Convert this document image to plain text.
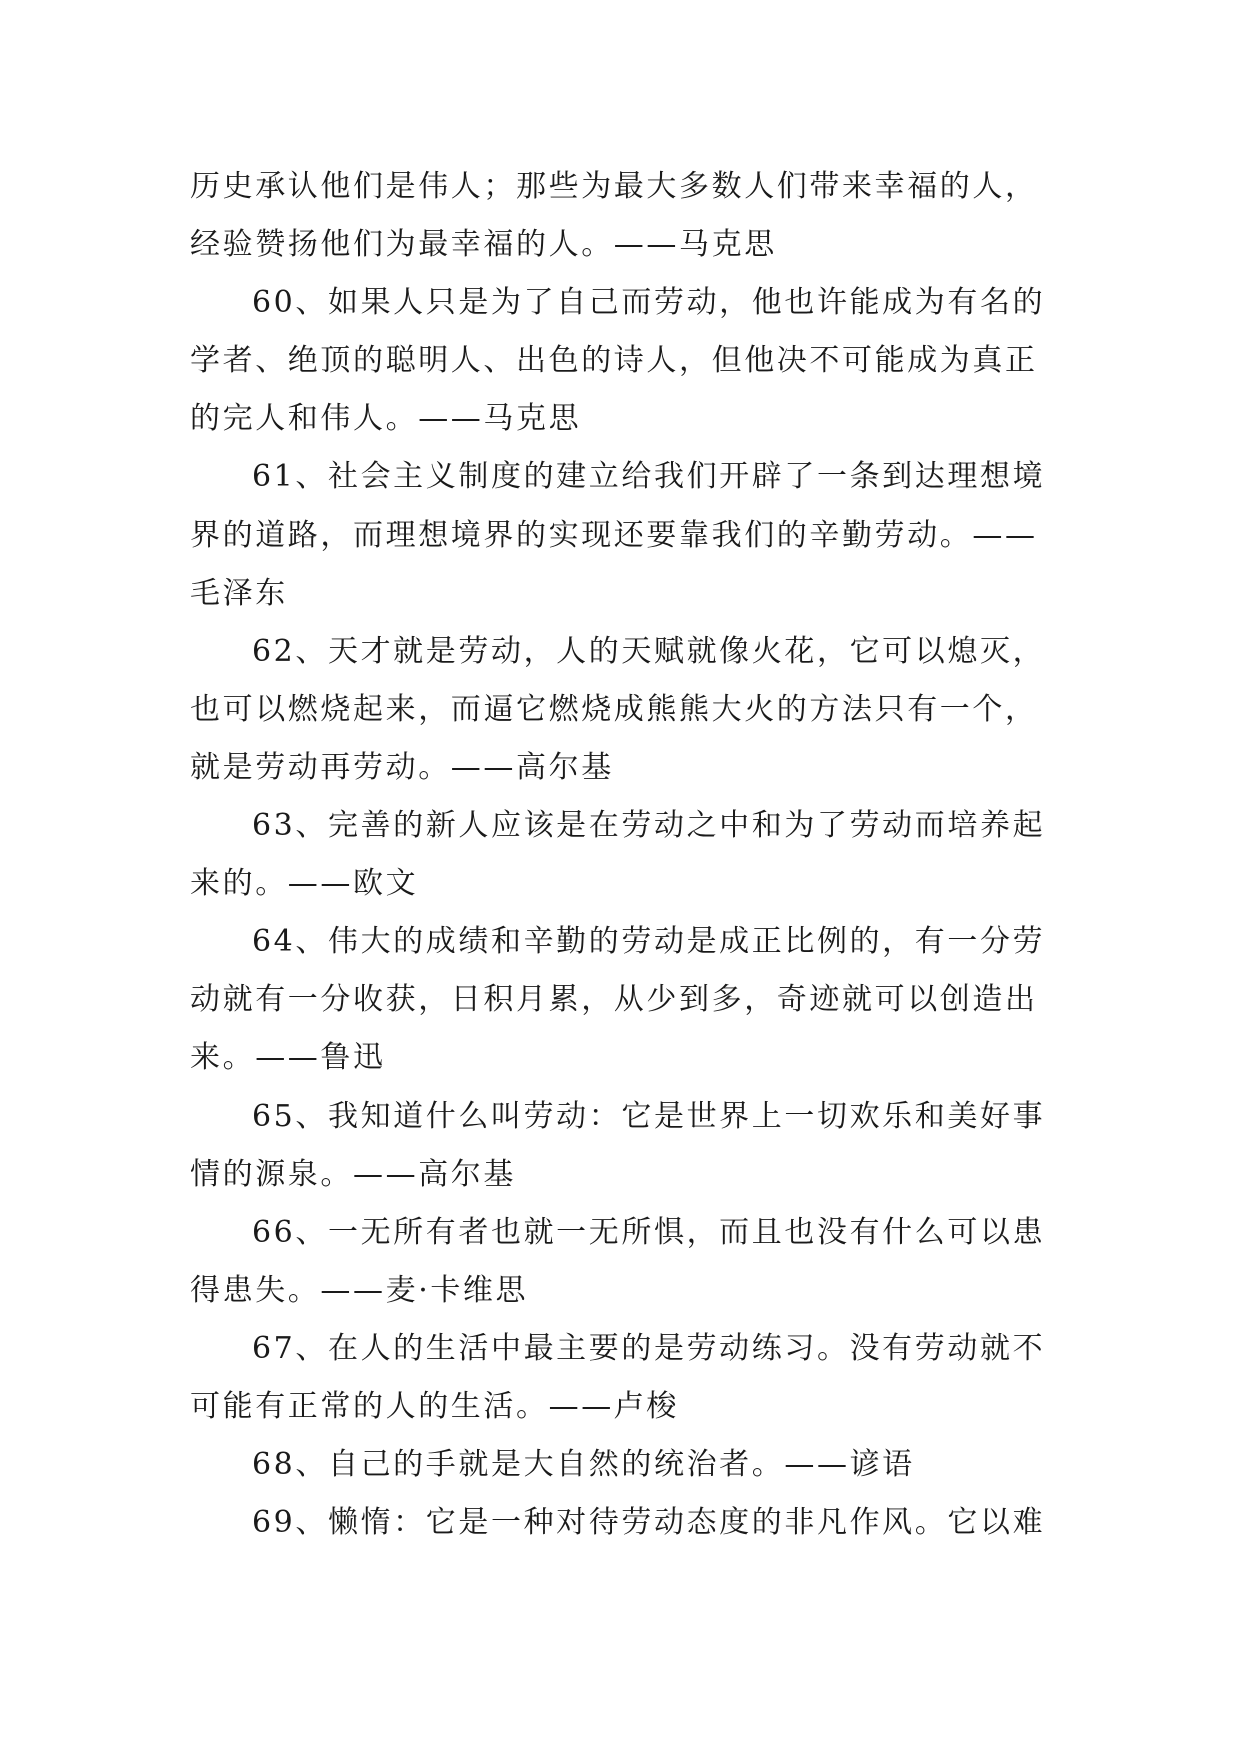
历史承认他们是伟人；那些为最大多数人们带来幸福的人，
经验赞扬他们为最幸福的人。——马克思
60、如果人只是为了自己而劳动，他也许能成为有名的
学者、绝顶的聪明人、出色的诗人，但他决不可能成为真正
的完人和伟人。——马克思
61、社会主义制度的建立给我们开辟了一条到达理想境
界的道路，而理想境界的实现还要靠我们的辛勤劳动。——
毛泽东
62、天才就是劳动，人的天赋就像火花，它可以熄灭，
也可以燃烧起来，而逼它燃烧成熊熊大火的方法只有一个，
就是劳动再劳动。——高尔基
63、完善的新人应该是在劳动之中和为了劳动而培养起
来的。——欧文
64、伟大的成绩和辛勤的劳动是成正比例的，有一分劳
动就有一分收获，日积月累，从少到多，奇迹就可以创造出
来。——鲁迅
65、我知道什么叫劳动：它是世界上一切欢乐和美好事
情的源泉。——高尔基
66、一无所有者也就一无所惧，而且也没有什么可以患
得患失。——麦·卡维思
67、在人的生活中最主要的是劳动练习。没有劳动就不
可能有正常的人的生活。——卢梭
68、自己的手就是大自然的统治者。——谚语
69、懒惰：它是一种对待劳动态度的非凡作风。它以难
